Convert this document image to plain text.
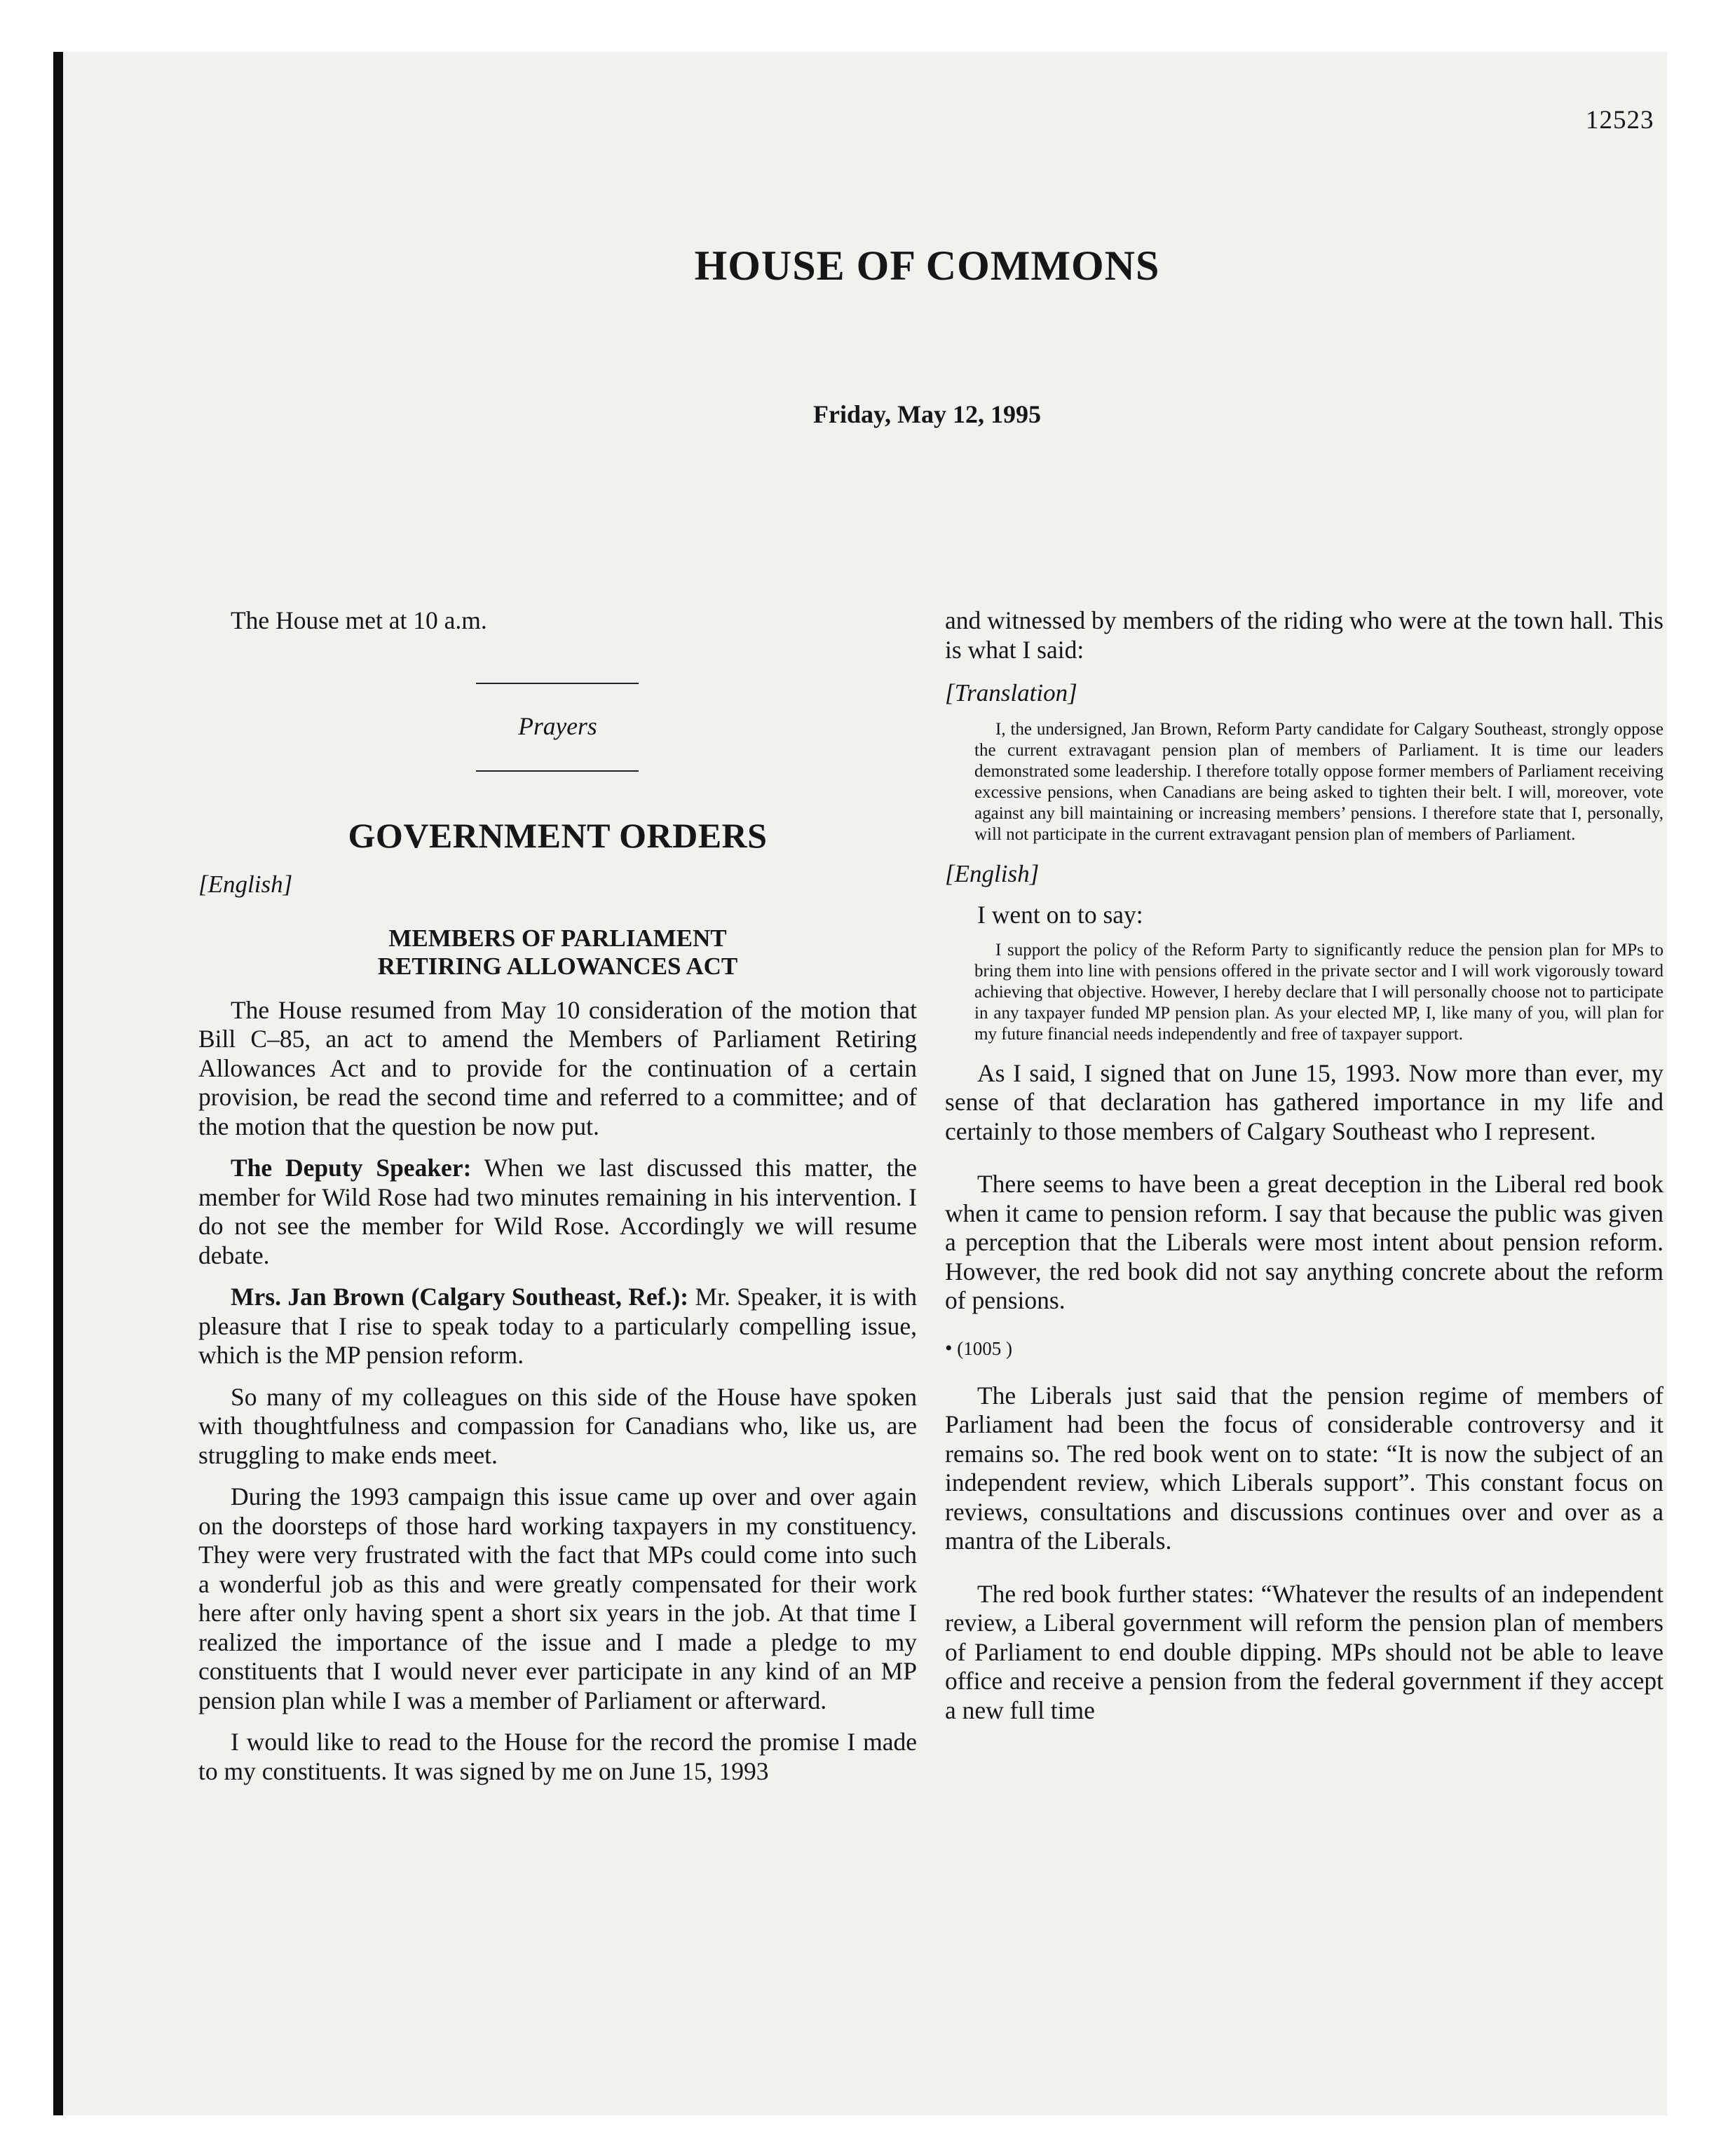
12523
HOUSE OF COMMONS
Friday, May 12, 1995

The House met at 10 a.m.

Prayers

GOVERNMENT ORDERS

[English]

MEMBERS OF PARLIAMENT
RETIRING ALLOWANCES ACT

The House resumed from May 10 consideration of the motion that Bill C–85, an act to amend the Members of Parliament Retiring Allowances Act and to provide for the continuation of a certain provision, be read the second time and referred to a committee; and of the motion that the question be now put.

The Deputy Speaker: When we last discussed this matter, the member for Wild Rose had two minutes remaining in his intervention. I do not see the member for Wild Rose. Accordingly we will resume debate.

Mrs. Jan Brown (Calgary Southeast, Ref.): Mr. Speaker, it is with pleasure that I rise to speak today to a particularly compelling issue, which is the MP pension reform.

So many of my colleagues on this side of the House have spoken with thoughtfulness and compassion for Canadians who, like us, are struggling to make ends meet.

During the 1993 campaign this issue came up over and over again on the doorsteps of those hard working taxpayers in my constituency. They were very frustrated with the fact that MPs could come into such a wonderful job as this and were greatly compensated for their work here after only having spent a short six years in the job. At that time I realized the importance of the issue and I made a pledge to my constituents that I would never ever participate in any kind of an MP pension plan while I was a member of Parliament or afterward.

I would like to read to the House for the record the promise I made to my constituents. It was signed by me on June 15, 1993

and witnessed by members of the riding who were at the town hall. This is what I said:

[Translation]

I, the undersigned, Jan Brown, Reform Party candidate for Calgary Southeast, strongly oppose the current extravagant pension plan of members of Parliament. It is time our leaders demonstrated some leadership. I therefore totally oppose former members of Parliament receiving excessive pensions, when Canadians are being asked to tighten their belt. I will, moreover, vote against any bill maintaining or increasing members’ pensions. I therefore state that I, personally, will not participate in the current extravagant pension plan of members of Parliament.

[English]

I went on to say:

I support the policy of the Reform Party to significantly reduce the pension plan for MPs to bring them into line with pensions offered in the private sector and I will work vigorously toward achieving that objective. However, I hereby declare that I will personally choose not to participate in any taxpayer funded MP pension plan. As your elected MP, I, like many of you, will plan for my future financial needs independently and free of taxpayer support.

As I said, I signed that on June 15, 1993. Now more than ever, my sense of that declaration has gathered importance in my life and certainly to those members of Calgary Southeast who I represent.

There seems to have been a great deception in the Liberal red book when it came to pension reform. I say that because the public was given a perception that the Liberals were most intent about pension reform. However, the red book did not say anything concrete about the reform of pensions.

• (1005 )

The Liberals just said that the pension regime of members of Parliament had been the focus of considerable controversy and it remains so. The red book went on to state: “It is now the subject of an independent review, which Liberals support”. This constant focus on reviews, consultations and discussions continues over and over as a mantra of the Liberals.

The red book further states: “Whatever the results of an independent review, a Liberal government will reform the pension plan of members of Parliament to end double dipping. MPs should not be able to leave office and receive a pension from the federal government if they accept a new full time
